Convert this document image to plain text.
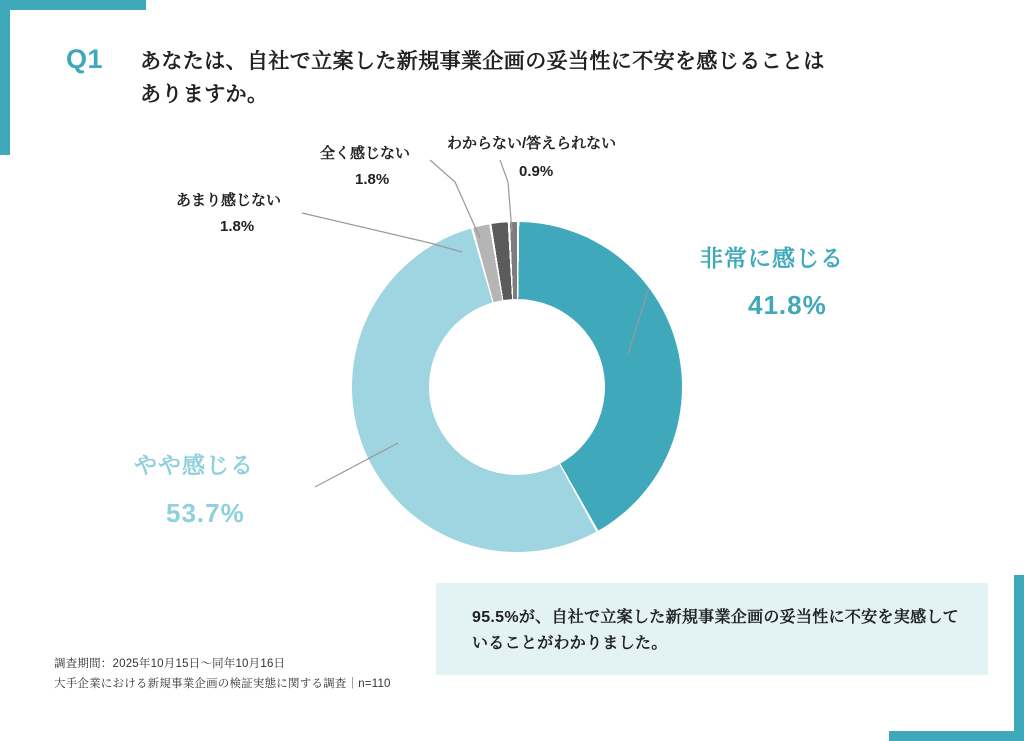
Q1 あなたは、自社で立案した新規事業企画の妥当性に不安を感じることはありますか。
非常に感じる
41.8%
やや感じる
53.7%
あまり感じない
1.8%
全く感じない
1.8%
わからない/答えられない
0.9%
95.5%が、自社で立案した新規事業企画の妥当性に不安を実感していることがわかりました。
調査期間：2025年10月15日〜同年10月16日
大手企業における新規事業企画の検証実態に関する調査｜n=110
